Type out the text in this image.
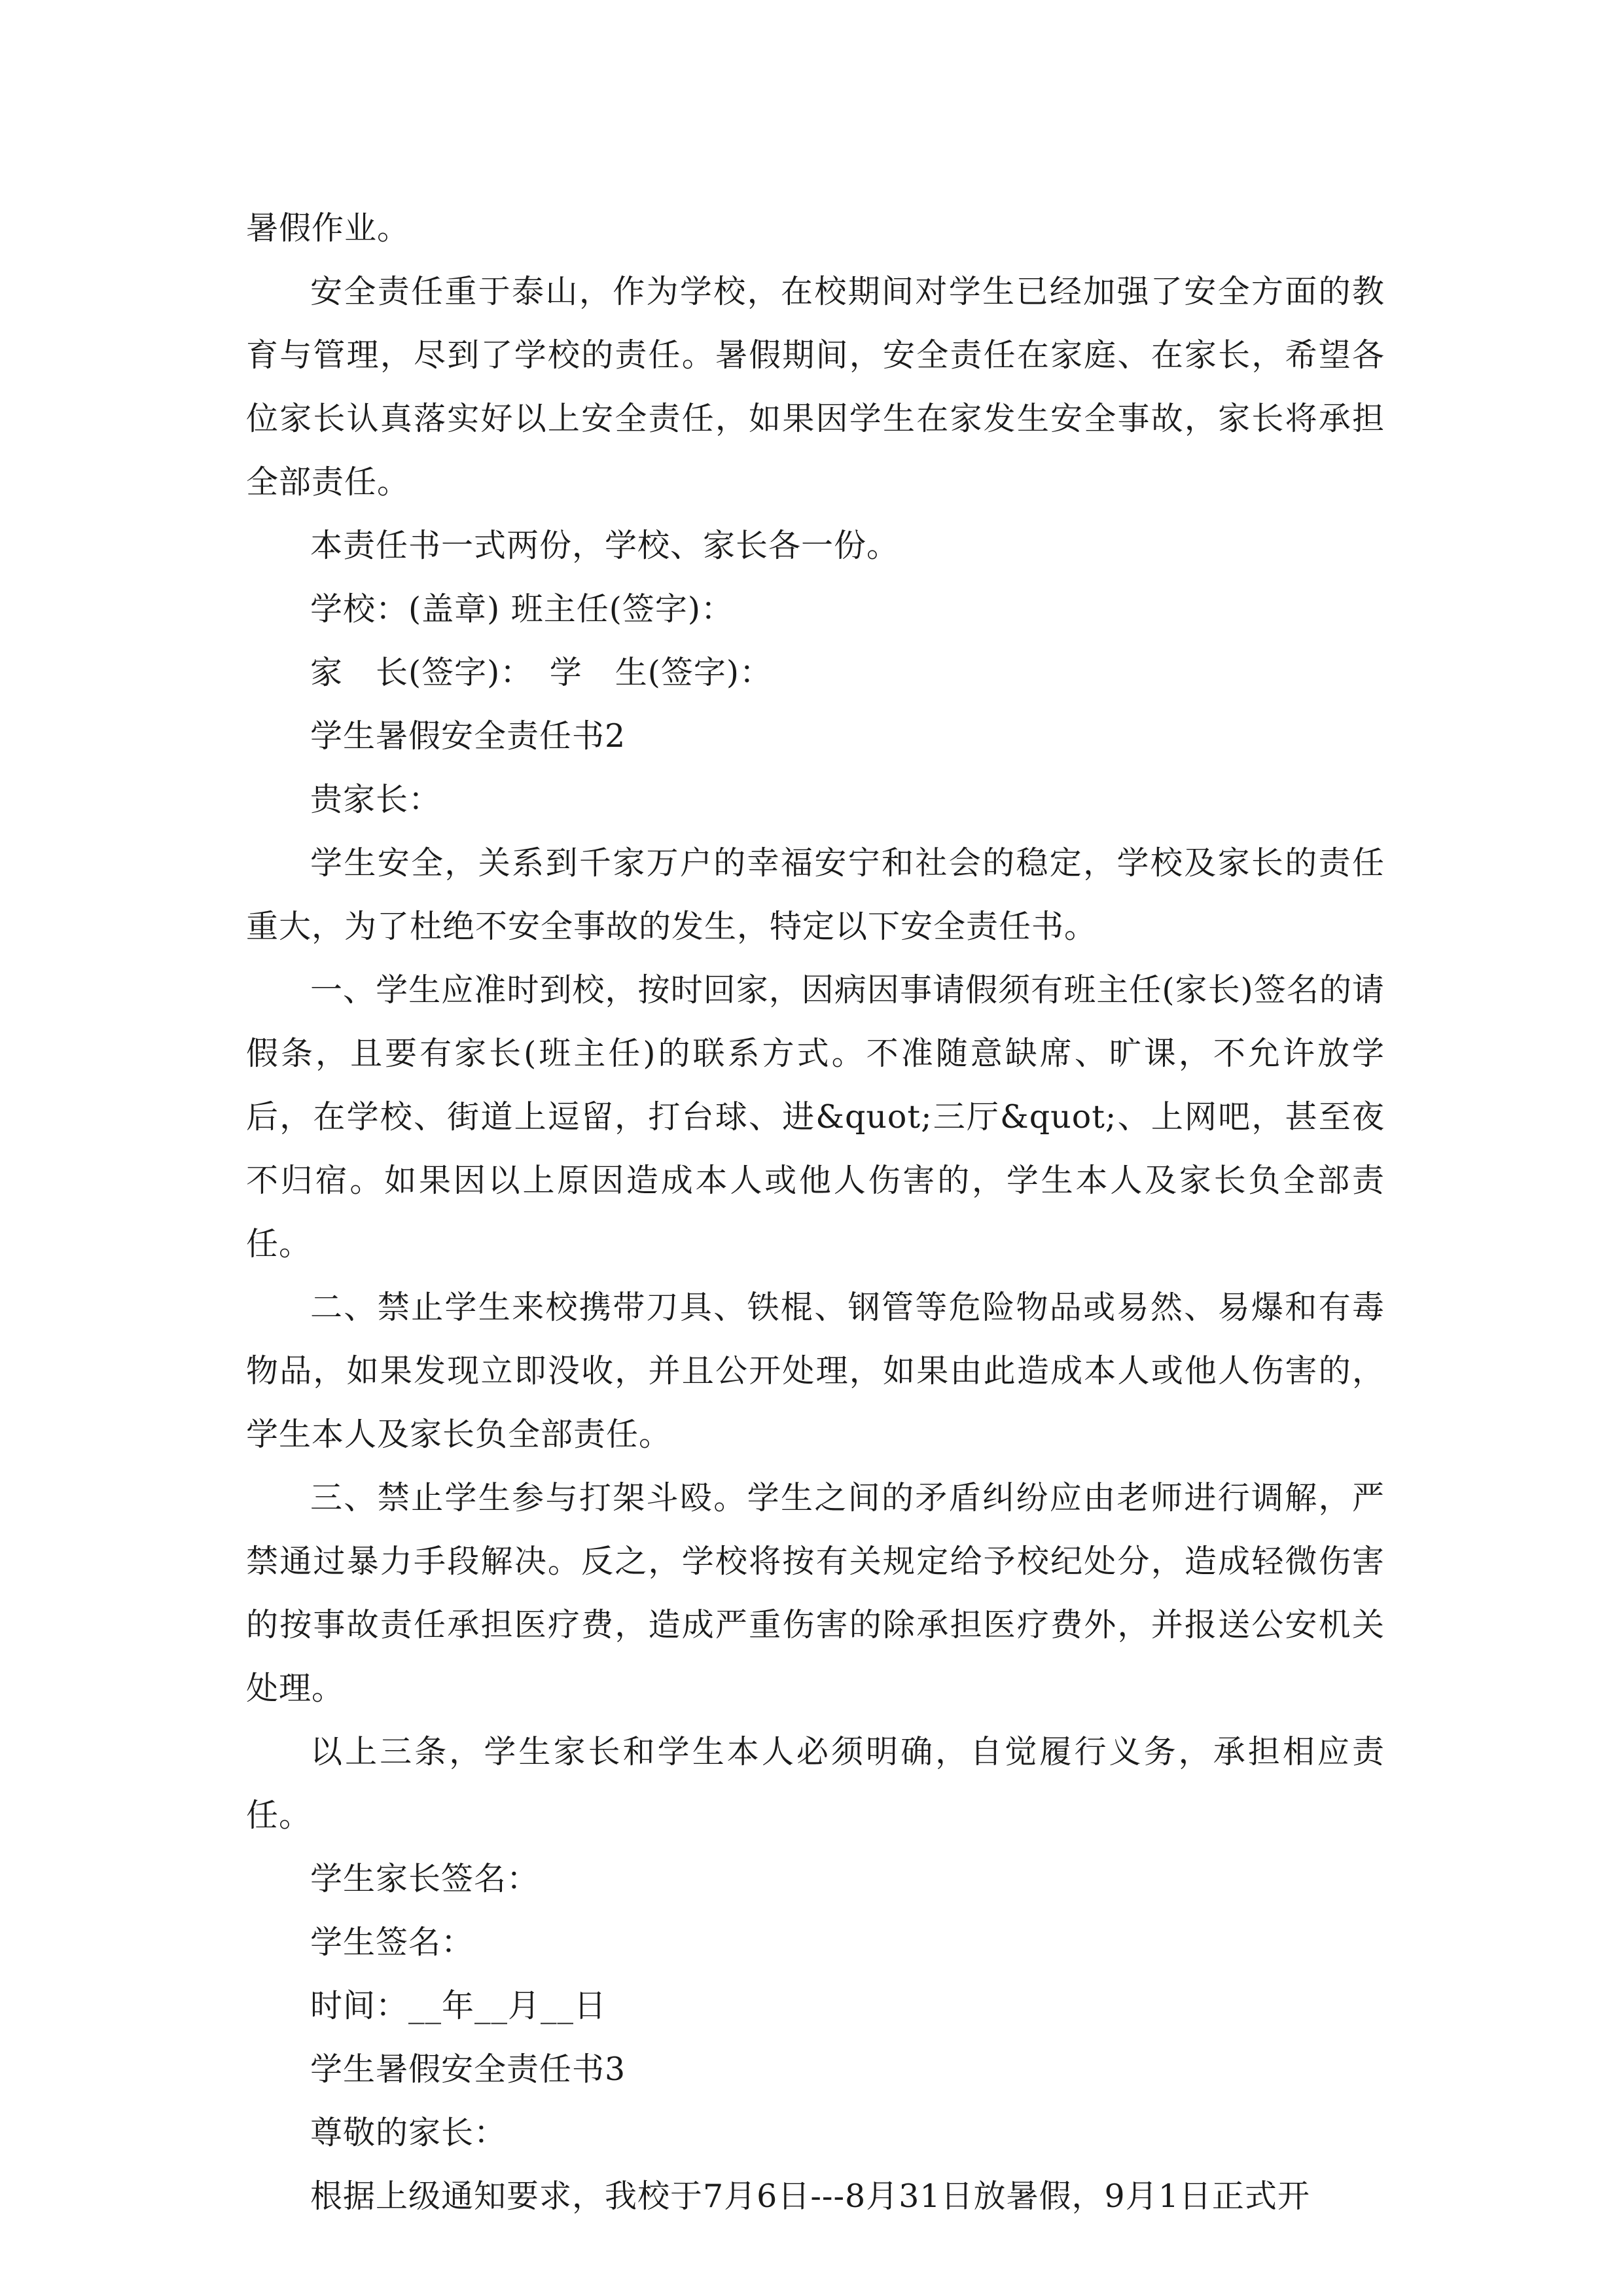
暑假作业。

安全责任重于泰山，作为学校，在校期间对学生已经加强了安全方面的教育与管理，尽到了学校的责任。暑假期间，安全责任在家庭、在家长，希望各位家长认真落实好以上安全责任，如果因学生在家发生安全事故，家长将承担全部责任。

本责任书一式两份，学校、家长各一份。

学校：(盖章) 班主任(签字)：

家　长(签字)：　学　生(签字)：

学生暑假安全责任书2

贵家长：

学生安全，关系到千家万户的幸福安宁和社会的稳定，学校及家长的责任重大，为了杜绝不安全事故的发生，特定以下安全责任书。

一、学生应准时到校，按时回家，因病因事请假须有班主任(家长)签名的请假条，且要有家长(班主任)的联系方式。不准随意缺席、旷课，不允许放学后，在学校、街道上逗留，打台球、进&quot;三厅&quot;、上网吧，甚至夜不归宿。如果因以上原因造成本人或他人伤害的，学生本人及家长负全部责任。

二、禁止学生来校携带刀具、铁棍、钢管等危险物品或易然、易爆和有毒物品，如果发现立即没收，并且公开处理，如果由此造成本人或他人伤害的，学生本人及家长负全部责任。

三、禁止学生参与打架斗殴。学生之间的矛盾纠纷应由老师进行调解，严禁通过暴力手段解决。反之，学校将按有关规定给予校纪处分，造成轻微伤害的按事故责任承担医疗费，造成严重伤害的除承担医疗费外，并报送公安机关处理。

以上三条，学生家长和学生本人必须明确，自觉履行义务，承担相应责任。

学生家长签名：

学生签名：

时间：__年__月__日

学生暑假安全责任书3

尊敬的家长：

根据上级通知要求，我校于7月6日---8月31日放暑假，9月1日正式开
